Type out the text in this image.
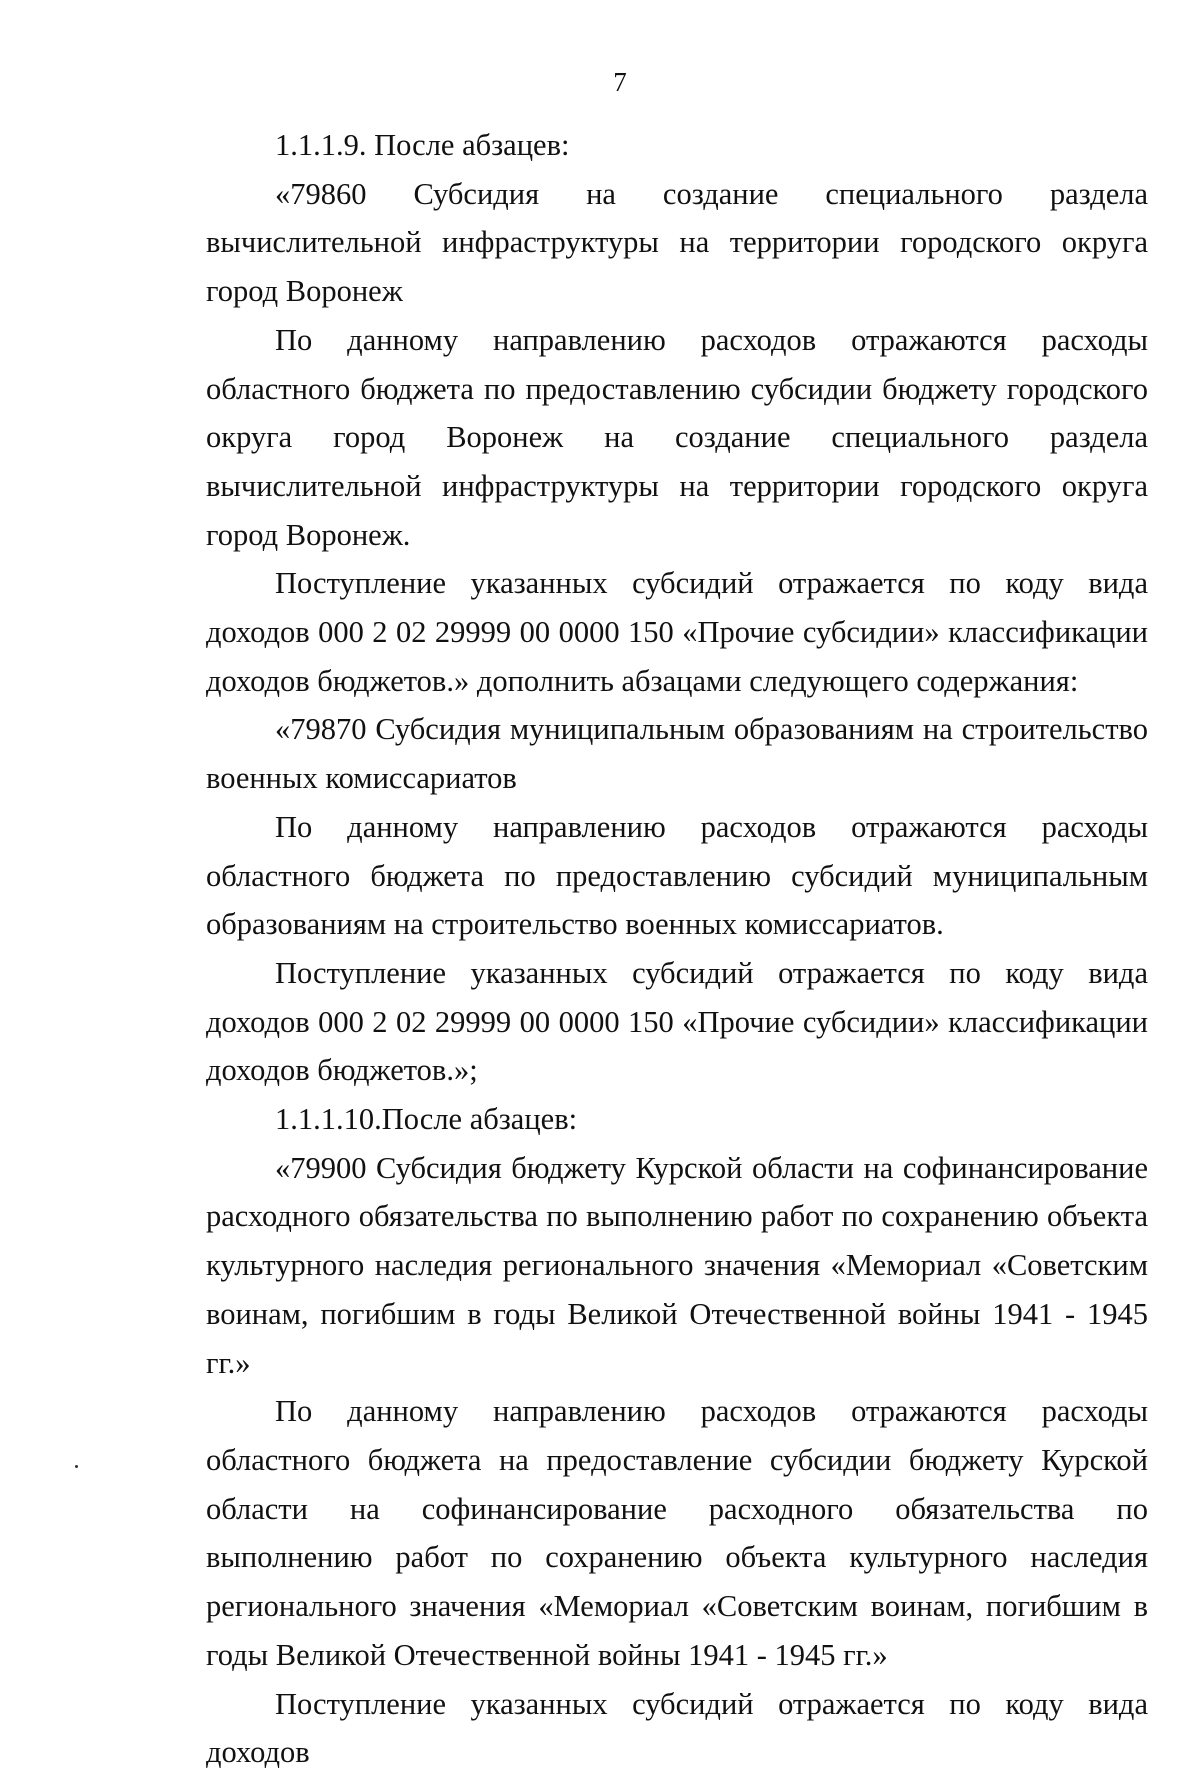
7

1.1.1.9. После абзацев:

«79860 Субсидия на создание специального раздела вычислительной инфраструктуры на территории городского округа город Воронеж

По данному направлению расходов отражаются расходы областного бюджета по предоставлению субсидии бюджету городского округа город Воронеж на создание специального раздела вычислительной инфраструктуры на территории городского округа город Воронеж.

Поступление указанных субсидий отражается по коду вида доходов 000 2 02 29999 00 0000 150 «Прочие субсидии» классификации доходов бюджетов.» дополнить абзацами следующего содержания:

«79870 Субсидия муниципальным образованиям на строительство военных комиссариатов

По данному направлению расходов отражаются расходы областного бюджета по предоставлению субсидий муниципальным образованиям на строительство военных комиссариатов.

Поступление указанных субсидий отражается по коду вида доходов 000 2 02 29999 00 0000 150 «Прочие субсидии» классификации доходов бюджетов.»;

1.1.1.10.После абзацев:

«79900 Субсидия бюджету Курской области на софинансирование расходного обязательства по выполнению работ по сохранению объекта культурного наследия регионального значения «Мемориал «Советским воинам, погибшим в годы Великой Отечественной войны 1941 - 1945 гг.»

По данному направлению расходов отражаются расходы областного бюджета на предоставление субсидии бюджету Курской области на софинансирование расходного обязательства по выполнению работ по сохранению объекта культурного наследия регионального значения «Мемориал «Советским воинам, погибшим в годы Великой Отечественной войны 1941 - 1945 гг.»

Поступление указанных субсидий отражается по коду вида доходов
